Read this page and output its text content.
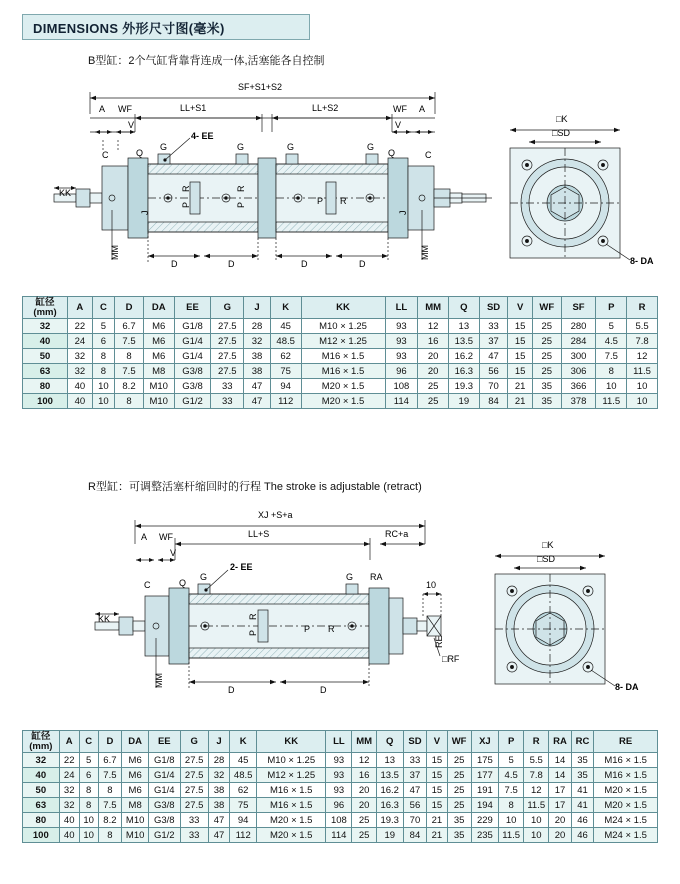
DIMENSIONS 外形尺寸图(毫米)
B型缸：2个气缸背靠背连成一体,活塞能各自控制
SF+S1+S2
LL+S1	LL+S2
A WF	WF A
V	V
C	C
G	G	G	G
Q	Q
4- EE
KK
MM	MM
J	J
D	D	D	D
P
R
P
R
P R
□K
□SD
8- DA
缸径
(mm)	A	C	D	DA	EE	G	J	K	KK	LL	MM	Q	SD	V	WF	SF	P	R
32	22	5	6.7	M6	G1/8	27.5	28	45	M10 × 1.25	93	12	13	33	15	25	280	5	5.5
40	24	6	7.5	M6	G1/4	27.5	32	48.5	M12 × 1.25	93	16	13.5	37	15	25	284	4.5	7.8
50	32	8	8	M6	G1/4	27.5	38	62	M16 × 1.5	93	20	16.2	47	15	25	300	7.5	12
63	32	8	7.5	M8	G3/8	27.5	38	75	M16 × 1.5	96	20	16.3	56	15	25	306	8	11.5
80	40	10	8.2	M10	G3/8	33	47	94	M20 × 1.5	108	25	19.3	70	21	35	366	10	10
100	40	10	8	M10	G1/2	33	47	112	M20 × 1.5	114	25	19	84	21	35	378	11.5	10
R型缸：可调整活塞杆缩回时的行程 The stroke is adjustable (retract)
XJ +S+a
LL+S	RC+a
A WF
V
G	G
Q
2- EE
RA
KK
C
MM
D	D
P
R
P R
10
RE
□RF
□K
□SD
8- DA
缸径
(mm)	A	C	D	DA	EE	G	J	K	KK	LL	MM	Q	SD	V	WF	XJ	P	R	RA	RC	RE
32	22	5	6.7	M6	G1/8	27.5	28	45	M10 × 1.25	93	12	13	33	15	25	175	5	5.5	14	35	M16 × 1.5
40	24	6	7.5	M6	G1/4	27.5	32	48.5	M12 × 1.25	93	16	13.5	37	15	25	177	4.5	7.8	14	35	M16 × 1.5
50	32	8	8	M6	G1/4	27.5	38	62	M16 × 1.5	93	20	16.2	47	15	25	191	7.5	12	17	41	M20 × 1.5
63	32	8	7.5	M8	G3/8	27.5	38	75	M16 × 1.5	96	20	16.3	56	15	25	194	8	11.5	17	41	M20 × 1.5
80	40	10	8.2	M10	G3/8	33	47	94	M20 × 1.5	108	25	19.3	70	21	35	229	10	10	20	46	M24 × 1.5
100	40	10	8	M10	G1/2	33	47	112	M20 × 1.5	114	25	19	84	21	35	235	11.5	10	20	46	M24 × 1.5
